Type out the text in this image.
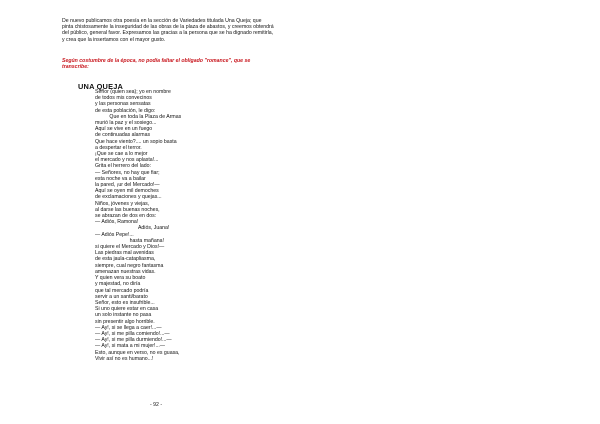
De nuevo publicamos otra poesía en la sección de Variedades titulada Una Queja; que pinta chistosamente la inseguridad de las obras de la plaza de abastos, y creemos obtendrá del público, general favor. Expresamos las gracias a la persona que se ha dignado remitirla, y crea que la insertamos con el mayor gusto.

Según costumbre de la época, no podía faltar el obligado "romance", que se transcribe:

UNA QUEJA
Señor (quien sea); yo en nombre
de todos mis convecinos
y las personas sensatas
de esta población, le digo:
Que en toda la Plaza de Armas
murió la paz y el sosiego...
Aquí se vive en un fuego
de continuadas alarmas
Que hace viento?.... un sopio basta
a despertar el terror.
¡Que se cae a lo mejor
el mercado y nos aplasta!...
Grita el herrero del lado:
— Señores, no hay que fiar;
esta noche va a bailar
la pared, ¡ur del Mercado!—
Aquí se oyen mil demoches
de exclamaciones y quejas...
Niños, jóvenes y viejas,
al darse las buenas noches,
se abrazan de dos en dos:
— Adiós, Ramona!
Adiós, Juana!
— Adiós Pepe!...
hasta mañana!
si quiere el Mercado y Dios!—
Las piedras mal avenidas
de esta jaula-catapliasma,
siempre, cual negro fantasma
amenazan nuestras vidas.
Y quien vera su boato
y majestad, no diría
que tal mercado podría
servir a un santi/barato
Señor, esto es insufrible...
Si uno quiere estar en casa
un solo instante no pasa
sin presentir algo horrible.
— Ay!, si se llega a caer!...—
— Ay!, si me pilla comiendo!...—
— Ay!, si me pilla durmiendo!...—
— Ay!, si mata a mi mujer!...—
Esto, aunque en verso, no es guasa,
Vivir así no es humano...!
- 92 -
